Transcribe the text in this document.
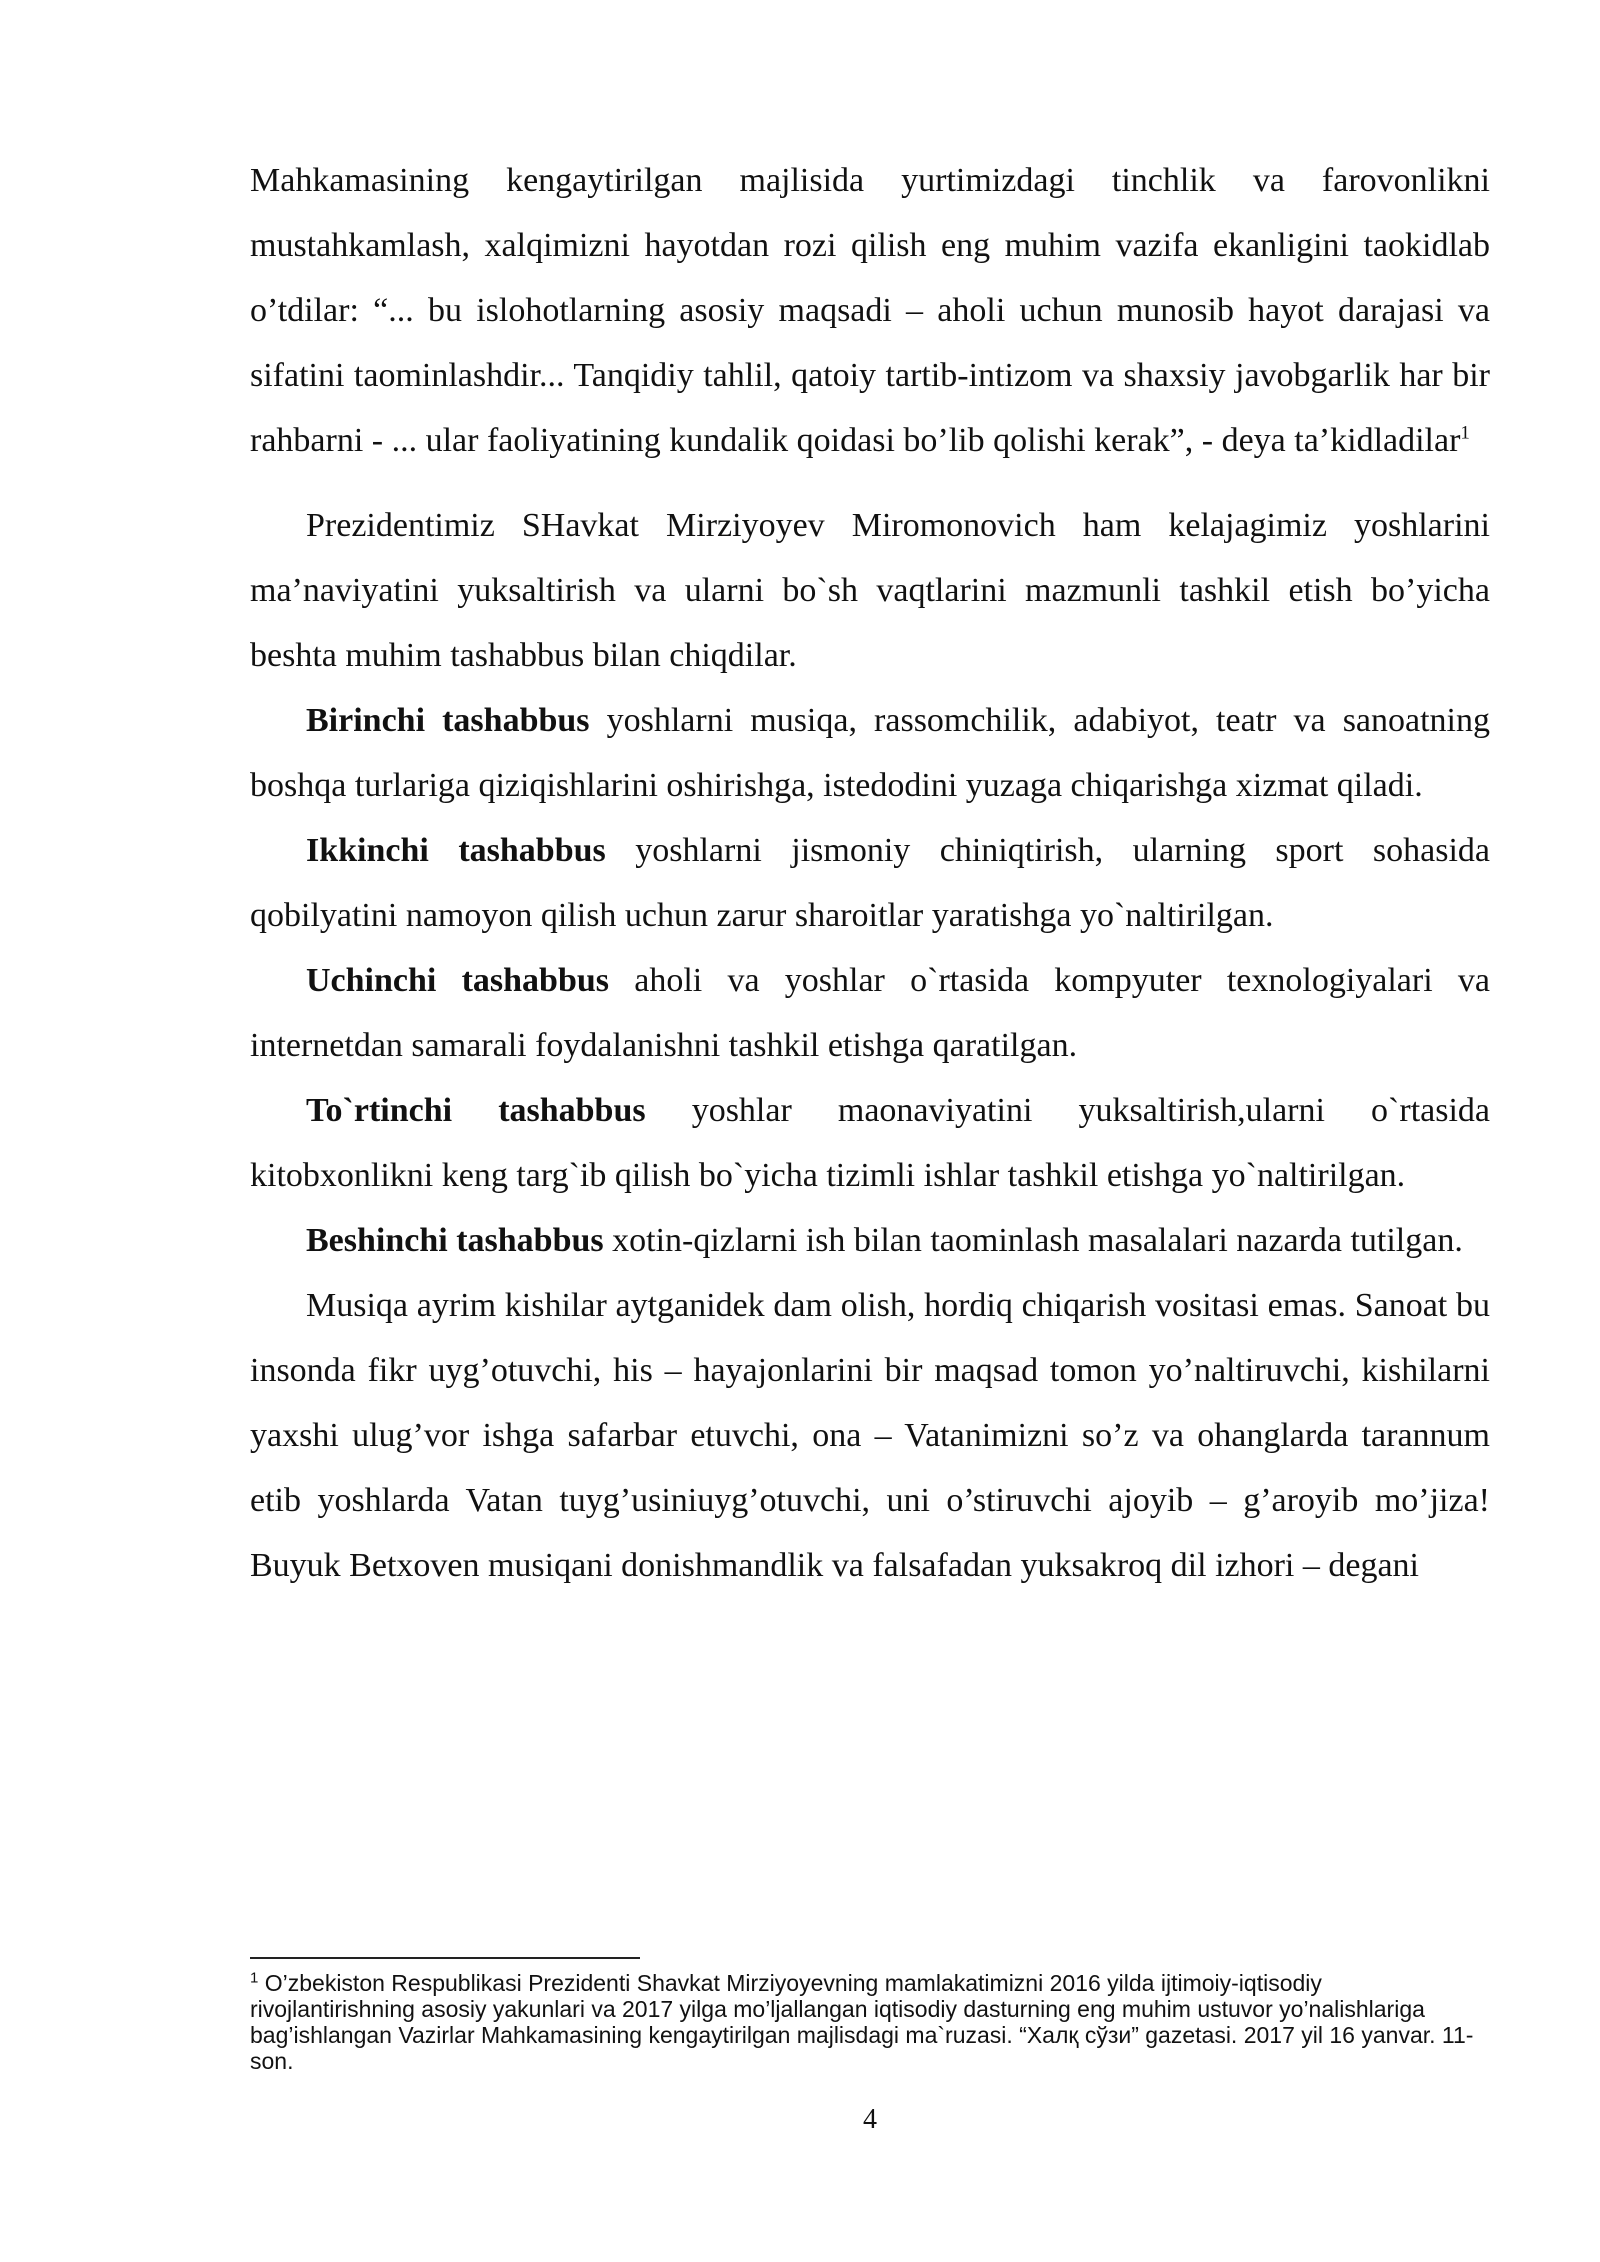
Mahkamasining kengaytirilgan majlisida yurtimizdagi tinchlik va farovonlikni mustahkamlash, xalqimizni hayotdan rozi qilish eng muhim vazifa ekanligini taokidlab o’tdilar: “... bu islohotlarning asosiy maqsadi – aholi uchun munosib hayot darajasi va sifatini taominlashdir... Tanqidiy tahlil, qatoiy tartib-intizom va shaxsiy javobgarlik har bir rahbarni - ... ular faoliyatining kundalik qoidasi bo’lib qolishi kerak”, - deya ta’kidladilar$^1$

Prezidentimiz SHavkat Mirziyoyev Miromonovich ham kelajagimiz yoshlarini ma’naviyatini yuksaltirish va ularni bo`sh vaqtlarini mazmunli tashkil etish bo’yicha beshta muhim tashabbus bilan chiqdilar.

Birinchi tashabbus yoshlarni musiqa, rassomchilik, adabiyot, teatr va sanoatning boshqa turlariga qiziqishlarini oshirishga, istedodini yuzaga chiqarishga xizmat qiladi.

Ikkinchi tashabbus yoshlarni jismoniy chiniqtirish, ularning sport sohasida qobilyatini namoyon qilish uchun zarur sharoitlar yaratishga yo`naltirilgan.

Uchinchi tashabbus aholi va yoshlar o`rtasida kompyuter texnologiyalari va internetdan samarali foydalanishni tashkil etishga qaratilgan.

To`rtinchi tashabbus yoshlar maonaviyatini yuksaltirish,ularni o`rtasida kitobxonlikni keng targ`ib qilish bo`yicha tizimli ishlar tashkil etishga yo`naltirilgan.

Beshinchi tashabbus xotin-qizlarni ish bilan taominlash masalalari nazarda tutilgan.

Musiqa ayrim kishilar aytganidek dam olish, hordiq chiqarish vositasi emas. Sanoat bu insonda fikr uyg’otuvchi, his – hayajonlarini bir maqsad tomon yo’naltiruvchi, kishilarni yaxshi ulug’vor ishga safarbar etuvchi, ona – Vatanimizni so’z va ohanglarda tarannum etib yoshlarda Vatan tuyg’usiniuyg’otuvchi, uni o’stiruvchi ajoyib – g’aroyib mo’jiza! Buyuk Betxoven musiqani donishmandlik va falsafadan yuksakroq dil izhori – degani

$^1$ O’zbekiston Respublikasi Prezidenti Shavkat Mirziyoyevning mamlakatimizni 2016 yilda ijtimoiy-iqtisodiy rivojlantirishning asosiy yakunlari va 2017 yilga mo’ljallangan iqtisodiy dasturning eng muhim ustuvor yo’nalishlariga bag’ishlangan Vazirlar Mahkamasining kengaytirilgan majlisdagi ma`ruzasi. “Халқ сўзи” gazetasi. 2017 yil 16 yanvar. 11-son.
4
